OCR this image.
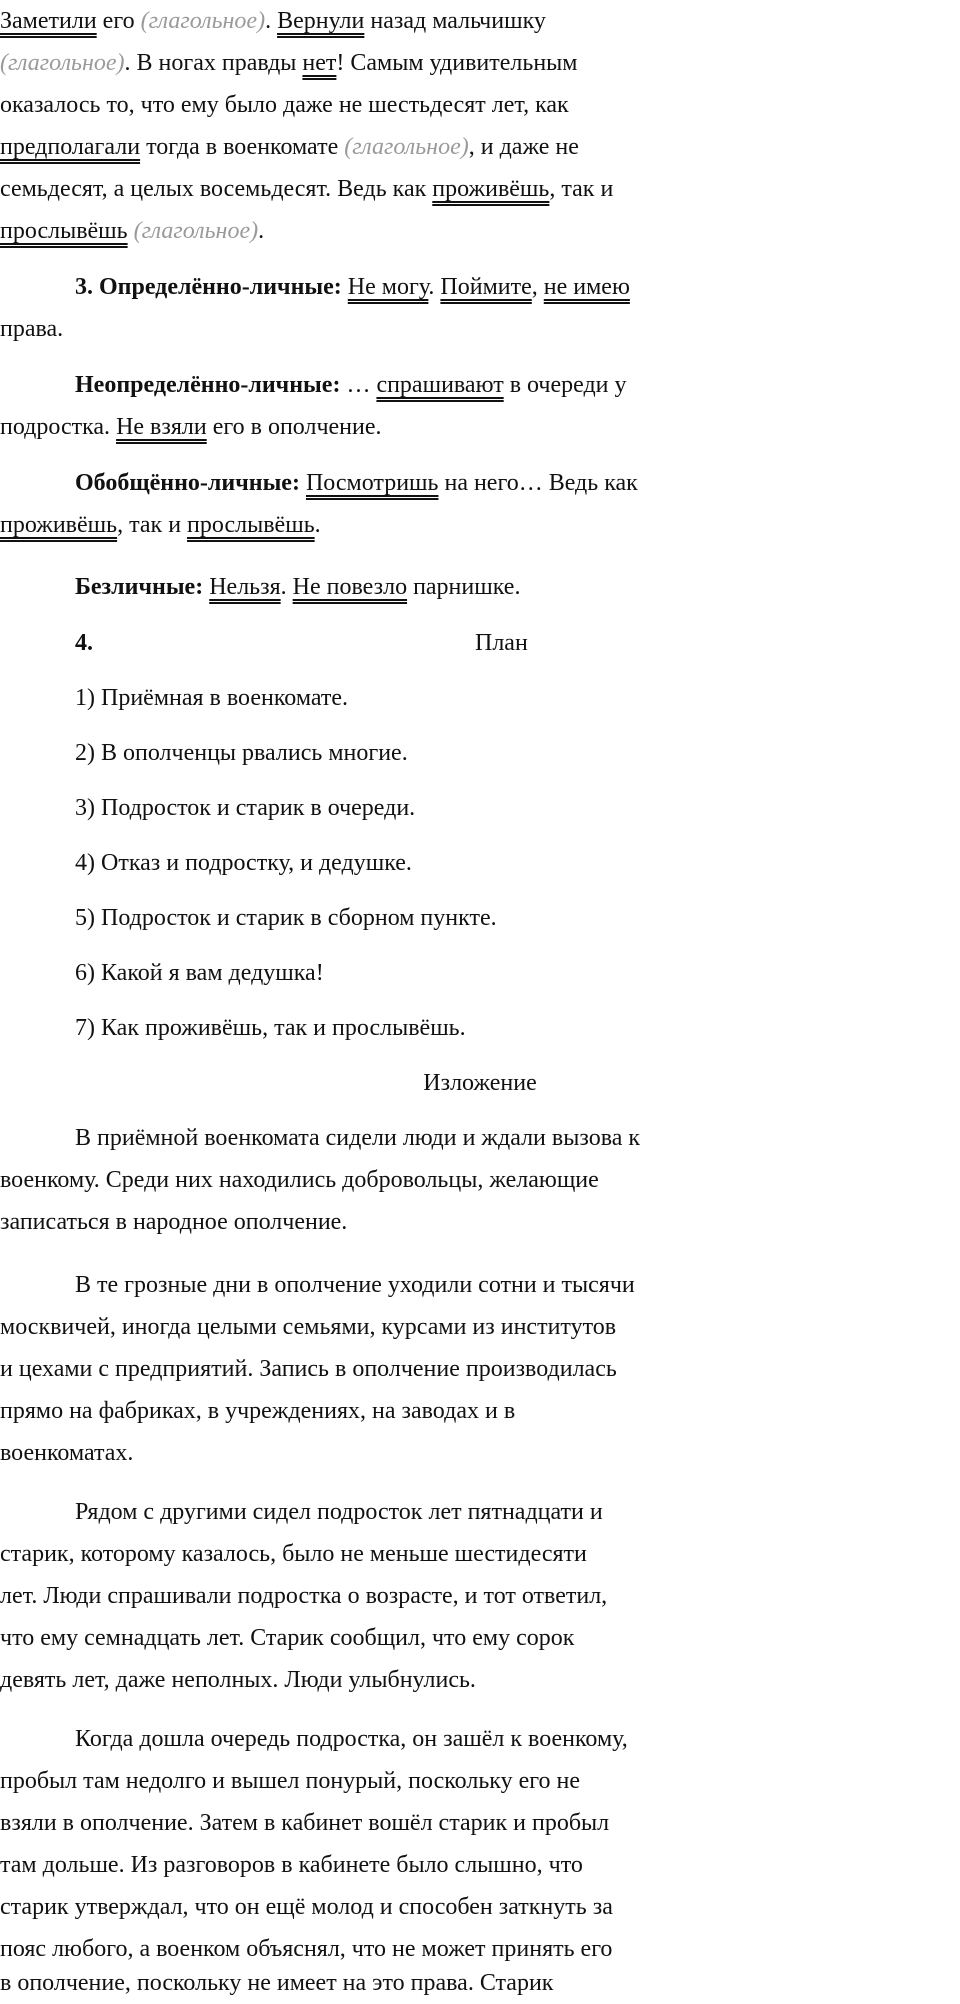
Заметили его (глагольное). Вернули назад мальчишку
(глагольное). В ногах правды нет! Самым удивительным
оказалось то, что ему было даже не шестьдесят лет, как
предполагали тогда в военкомате (глагольное), и даже не
семьдесят, а целых восемьдесят. Ведь как проживёшь, так и
прослывёшь (глагольное).
3. Определённо-личные: Не могу. Поймите, не имею
права.
Неопределённо-личные: … спрашивают в очереди у
подростка. Не взяли его в ополчение.
Обобщённо-личные: Посмотришь на него… Ведь как
проживёшь, так и прослывёшь.
Безличные: Нельзя. Не повезло парнишке.
4.	План
1) Приёмная в военкомате.
2) В ополченцы рвались многие.
3) Подросток и старик в очереди.
4) Отказ и подростку, и дедушке.
5) Подросток и старик в сборном пункте.
6) Какой я вам дедушка!
7) Как проживёшь, так и прослывёшь.
Изложение
В приёмной военкомата сидели люди и ждали вызова к
военкому. Среди них находились добровольцы, желающие
записаться в народное ополчение.
В те грозные дни в ополчение уходили сотни и тысячи
москвичей, иногда целыми семьями, курсами из институтов
и цехами с предприятий. Запись в ополчение производилась
прямо на фабриках, в учреждениях, на заводах и в
военкоматах.
Рядом с другими сидел подросток лет пятнадцати и
старик, которому казалось, было не меньше шестидесяти
лет. Люди спрашивали подростка о возрасте, и тот ответил,
что ему семнадцать лет. Старик сообщил, что ему сорок
девять лет, даже неполных. Люди улыбнулись.
Когда дошла очередь подростка, он зашёл к военкому,
пробыл там недолго и вышел понурый, поскольку его не
взяли в ополчение. Затем в кабинет вошёл старик и пробыл
там дольше. Из разговоров в кабинете было слышно, что
старик утверждал, что он ещё молод и способен заткнуть за
пояс любого, а военком объяснял, что не может принять его
в ополчение, поскольку не имеет на это права. Старик
